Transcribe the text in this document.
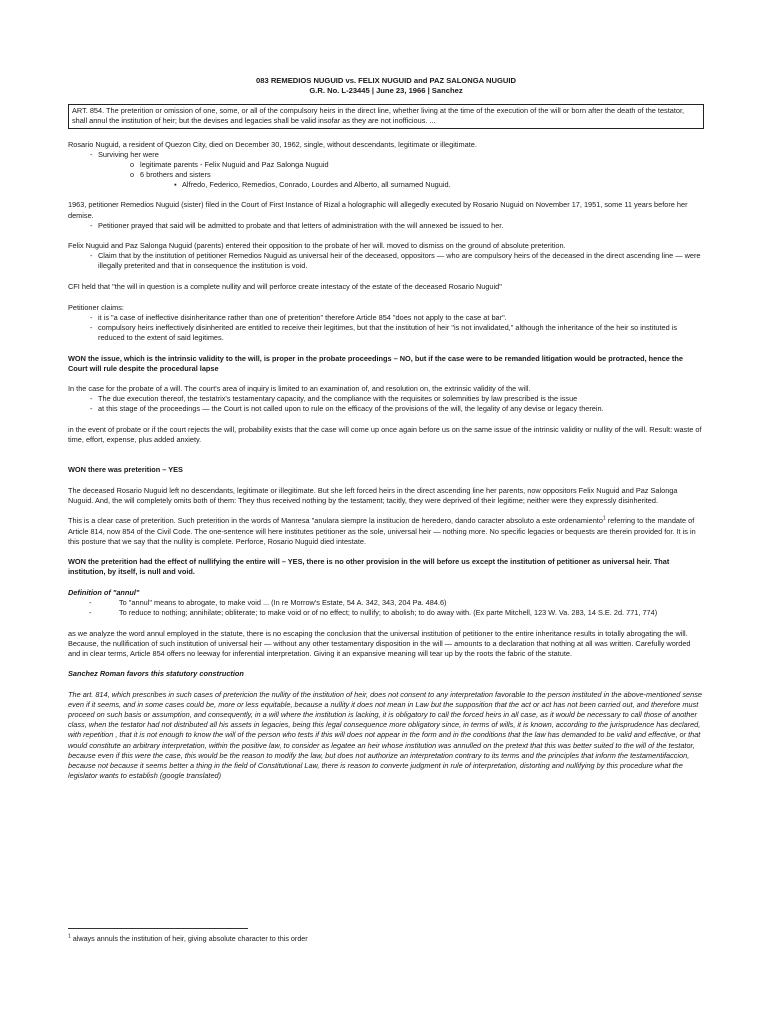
083 REMEDIOS NUGUID vs. FELIX NUGUID and PAZ SALONGA NUGUID
G.R. No. L-23445 | June 23, 1966 | Sanchez
ART. 854. The preterition or omission of one, some, or all of the compulsory heirs in the direct line, whether living at the time of the execution of the will or born after the death of the testator, shall annul the institution of heir; but the devises and legacies shall be valid insofar as they are not inofficious. ...

Rosario Nuguid, a resident of Quezon City, died on December 30, 1962, single, without descendants, legitimate or illegitimate.

- Surviving her were
o legitimate parents - Felix Nuguid and Paz Salonga Nuguid
o 6 brothers and sisters
▪ Alfredo, Federico, Remedios, Conrado, Lourdes and Alberto, all surnamed Nuguid.

1963, petitioner Remedios Nuguid (sister) filed in the Court of First Instance of Rizal a holographic will allegedly executed by Rosario Nuguid on November 17, 1951, some 11 years before her demise.

- Petitioner prayed that said will be admitted to probate and that letters of administration with the will annexed be issued to her.

Felix Nuguid and Paz Salonga Nuguid (parents) entered their opposition to the probate of her will. moved to dismiss on the ground of absolute preterition.

- Claim that by the institution of petitioner Remedios Nuguid as universal heir of the deceased, oppositors — who are compulsory heirs of the deceased in the direct ascending line — were illegally preterited and that in consequence the institution is void.

CFI held that "the will in question is a complete nullity and will perforce create intestacy of the estate of the deceased Rosario Nuguid"

Petitioner claims:

- it is "a case of ineffective disinheritance rather than one of preterition" therefore Article 854 "does not apply to the case at bar".
- compulsory heirs ineffectively disinherited are entitled to receive their legitimes, but that the institution of heir "is not invalidated," although the inheritance of the heir so instituted is reduced to the extent of said legitimes.

WON the issue, which is the intrinsic validity to the will, is proper in the probate proceedings – NO, but if the case were to be remanded litigation would be protracted, hence the Court will rule despite the procedural lapse

In the case for the probate of a will. The court's area of inquiry is limited to an examination of, and resolution on, the extrinsic validity of the will.

- The due execution thereof, the testatrix's testamentary capacity, and the compliance with the requisites or solemnities by law prescribed is the issue
- at this stage of the proceedings — the Court is not called upon to rule on the efficacy of the provisions of the will, the legality of any devise or legacy therein.

in the event of probate or if the court rejects the will, probability exists that the case will come up once again before us on the same issue of the intrinsic validity or nullity of the will. Result: waste of time, effort, expense, plus added anxiety.

WON there was preterition – YES

The deceased Rosario Nuguid left no descendants, legitimate or illegitimate. But she left forced heirs in the direct ascending line her parents, now oppositors Felix Nuguid and Paz Salonga Nuguid. And, the will completely omits both of them: They thus received nothing by the testament; tacitly, they were deprived of their legitime; neither were they expressly disinherited.

This is a clear case of preterition. Such preterition in the words of Manresa "anulara siempre la institucion de heredero, dando caracter absoluto a este ordenamiento$^1$ referring to the mandate of Article 814, now 854 of the Civil Code. The one-sentence will here institutes petitioner as the sole, universal heir — nothing more. No specific legacies or bequests are therein provided for. It is in this posture that we say that the nullity is complete. Perforce, Rosario Nuguid died intestate.

WON the preterition had the effect of nullifying the entire will – YES, there is no other provision in the will before us except the institution of petitioner as universal heir. That institution, by itself, is null and void.

Definition of "annul"

-	To "annul" means to abrogate, to make void ... (In re Morrow's Estate, 54 A. 342, 343, 204 Pa. 484.6)
-	To reduce to nothing; annihilate; obliterate; to make void or of no effect; to nullify; to abolish; to do away with. (Ex parte Mitchell, 123 W. Va. 283, 14 S.E. 2d. 771, 774)

as we analyze the word annul employed in the statute, there is no escaping the conclusion that the universal institution of petitioner to the entire inheritance results in totally abrogating the will. Because, the nullification of such institution of universal heir — without any other testamentary disposition in the will — amounts to a declaration that nothing at all was written. Carefully worded and in clear terms, Article 854 offers no leeway for inferential interpretation. Giving it an expansive meaning will tear up by the roots the fabric of the statute.

Sanchez Roman favors this statutory construction

The art. 814, which prescribes in such cases of pretericion the nullity of the institution of heir, does not consent to any interpretation favorable to the person instituted in the above-mentioned sense even if it seems, and in some cases could be, more or less equitable, because a nullity it does not mean in Law but the supposition that the act or act has not been carried out, and therefore must proceed on such basis or assumption, and consequently, in a will where the institution is lacking, it is obligatory to call the forced heirs in all case, as it would be necessary to call those of another class, when the testator had not distributed all his assets in legacies, being this legal consequence more obligatory since, in terms of wills, it is known, according to the jurisprudence has declared, with repetition , that it is not enough to know the will of the person who tests if this will does not appear in the form and in the conditions that the law has demanded to be valid and effective, or that would constitute an arbitrary interpretation, within the positive law, to consider as legatee an heir whose institution was annulled on the pretext that this was better suited to the will of the testator, because even if this were the case, this would be the reason to modify the law, but does not authorize an interpretation contrary to its terms and the principles that inform the testamentifaccion, because not because it seems better a thing in the field of Constitutional Law, there is reason to converte judgment in rule of interpretation, distorting and nullifying by this procedure what the legislator wants to establish (google translated)

$^1$ always annuls the institution of heir, giving absolute character to this order
